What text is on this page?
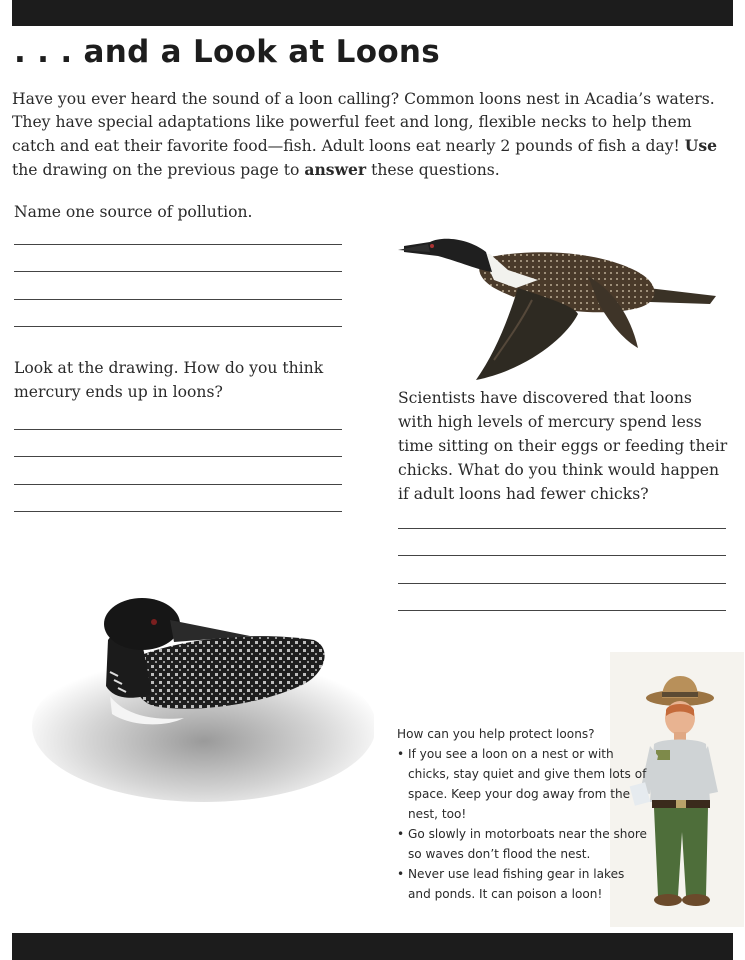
. . . and a Look at Loons

Have you ever heard the sound of a loon calling? Common loons nest in Acadia’s waters. They have special adaptations like powerful feet and long, flexible necks to help them catch and eat their favorite food—fish. Adult loons eat nearly 2 pounds of fish a day! Use the drawing on the previous page to answer these questions.

Name one source of pollution.
Look at the drawing. How do you think mercury ends up in loons?	Scientists have discovered that loons with high levels of mercury spend less time sitting on their eggs or feeding their chicks. What do you think would happen if adult loons had fewer chicks?

How can you help protect loons?

• If you see a loon on a nest or with chicks, stay quiet and give them lots of space. Keep your dog away from the nest, too!
• Go slowly in motorboats near the shore so waves don’t flood the nest.
• Never use lead fishing gear in lakes and ponds. It can poison a loon!
